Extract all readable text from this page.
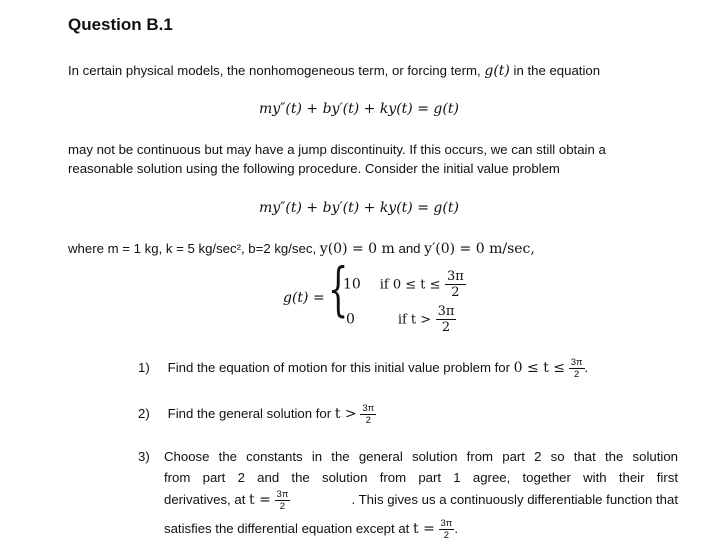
Question B.1
In certain physical models, the nonhomogeneous term, or forcing term, g(t) in the equation
my″(t) + by′(t) + ky(t) = g(t)
may not be continuous but may have a jump discontinuity. If this occurs, we can still obtain a
reasonable solution using the following procedure. Consider the initial value problem
my″(t) + by′(t) + ky(t) = g(t)
where m = 1 kg, k = 5 kg/sec², b=2 kg/sec, y(0) = 0 m and y′(0) = 0 m/sec,
g(t) = {
10 if $0 \le t \le \frac{3\pi}{2}$
0	if $t > \frac{3\pi}{2}$
1) Find the equation of motion for this initial value problem for $0 \le t \le \frac{3\pi}{2}$ .
2) Find the general solution for $t > \frac{3\pi}{2}$
3)	Choose the constants in the general solution from part 2 so that the solution
from part 2 and the solution from part 1 agree, together with their first
derivatives, at $t = \frac{3\pi}{2}$	. This gives us a continuously differentiable function that
satisfies the differential equation except at $t = \frac{3\pi}{2}$ .
